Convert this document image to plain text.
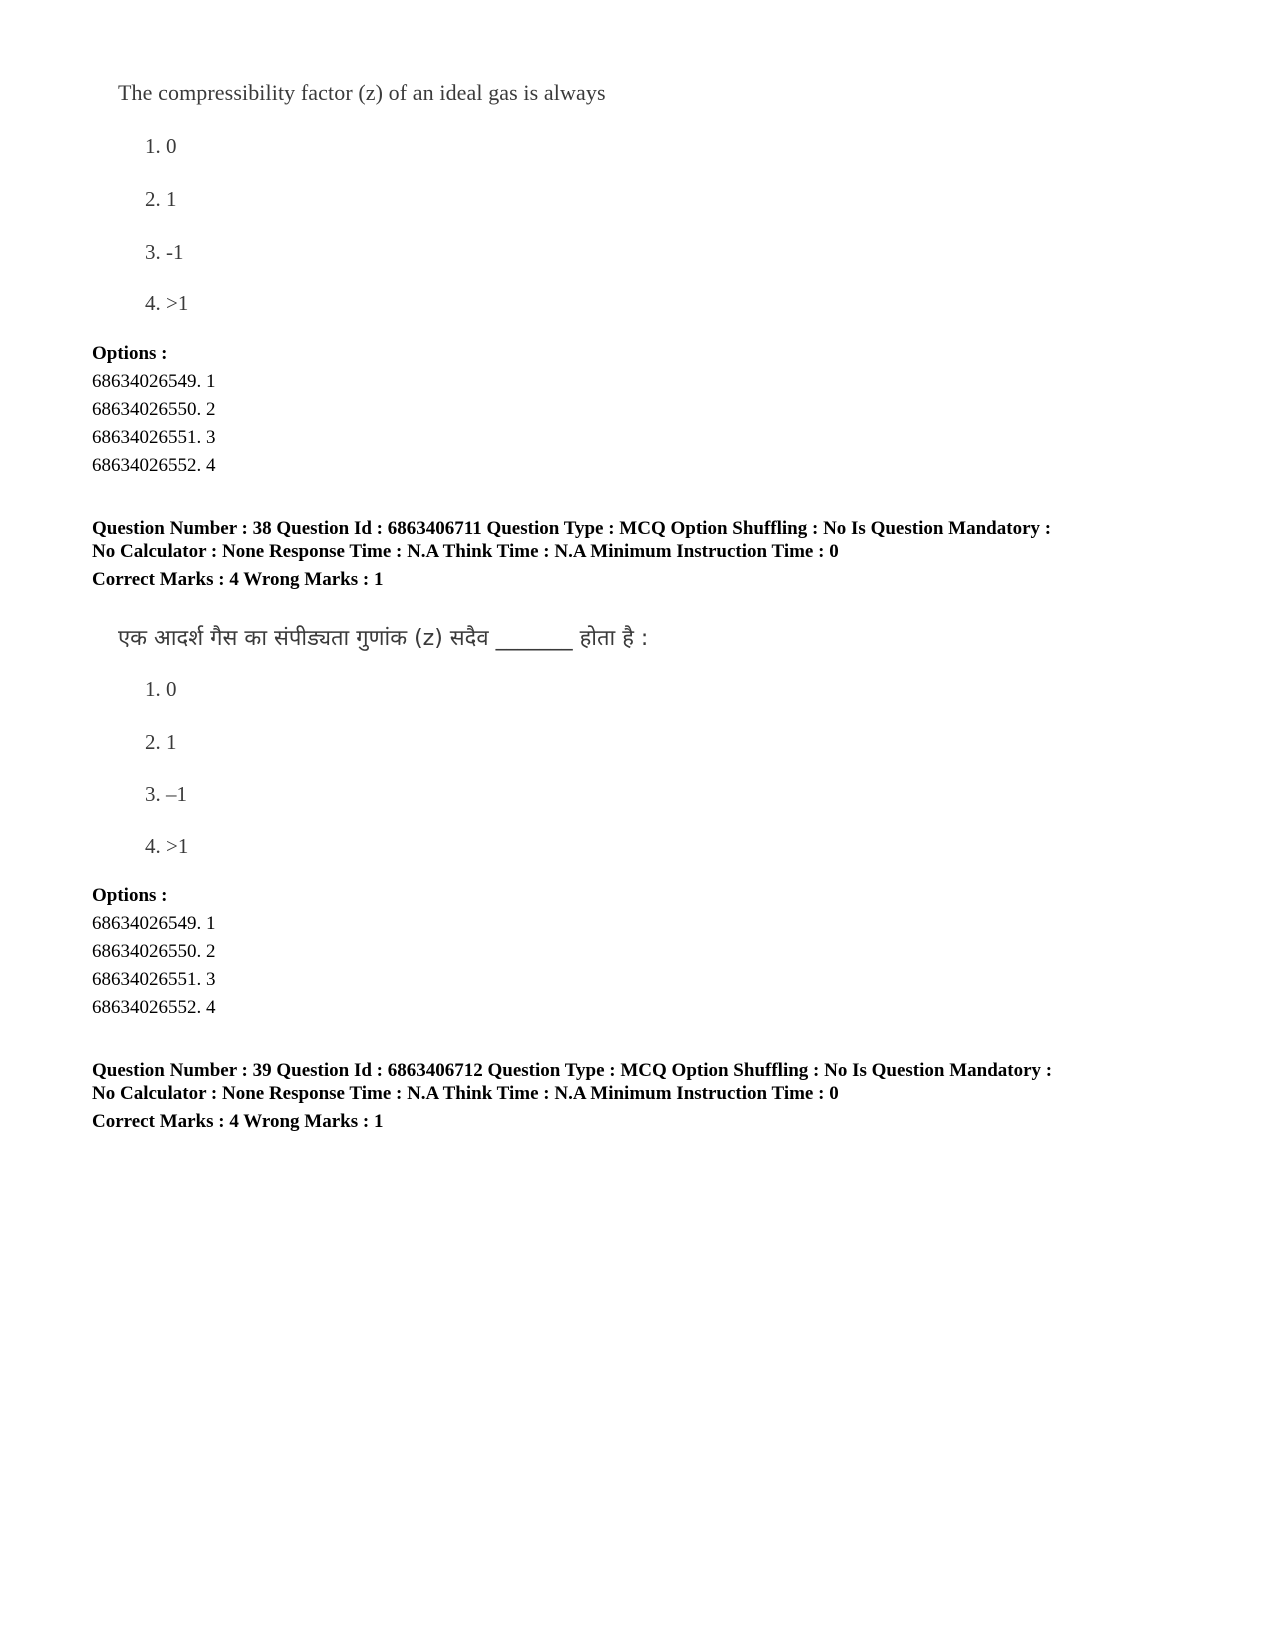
The compressibility factor (z) of an ideal gas is always
1. 0
2. 1
3. -1
4. >1
Options :
68634026549. 1
68634026550. 2
68634026551. 3
68634026552. 4
Question Number : 38 Question Id : 6863406711 Question Type : MCQ Option Shuffling : No Is Question Mandatory :
No Calculator : None Response Time : N.A Think Time : N.A Minimum Instruction Time : 0
Correct Marks : 4 Wrong Marks : 1
एक आदर्श गैस का संपीड्यता गुणांक (z) सदैव _______ होता है :
1. 0
2. 1
3. –1
4. >1
Options :
68634026549. 1
68634026550. 2
68634026551. 3
68634026552. 4
Question Number : 39 Question Id : 6863406712 Question Type : MCQ Option Shuffling : No Is Question Mandatory :
No Calculator : None Response Time : N.A Think Time : N.A Minimum Instruction Time : 0
Correct Marks : 4 Wrong Marks : 1
